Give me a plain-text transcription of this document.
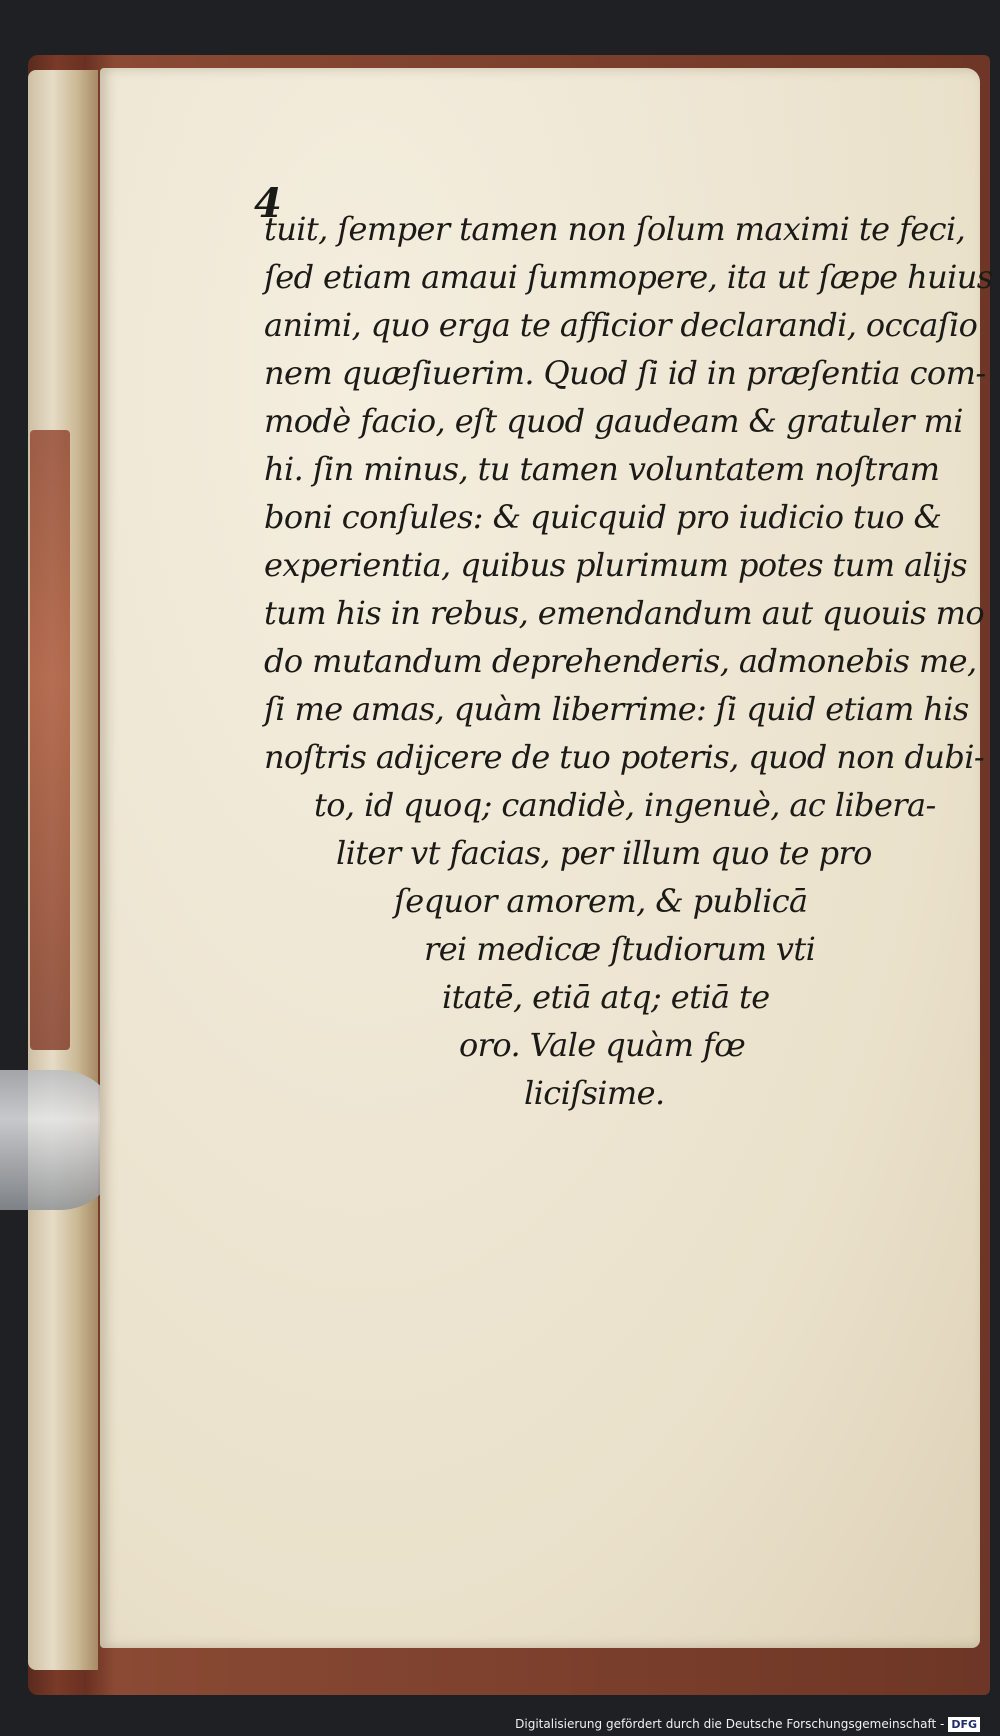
4
tuit, ſemper tamen non ſolum maximi te feci,
ſed etiam amaui ſummopere, ita ut ſæpe huius
animi, quo erga te afficior declarandi, occaſio
nem quæſiuerim. Quod ſi id in præſentia com-
modè facio, eſt quod gaudeam & gratuler mi
hi. ſin minus, tu tamen voluntatem noſtram
boni conſules: & quicquid pro iudicio tuo &
experientia, quibus plurimum potes tum aliјs
tum his in rebus, emendandum aut quouis mo
do mutandum deprehenderis, admonebis me,
ſi me amas, quàm liberrime: ſi quid etiam his
noſtris adijcere de tuo poteris, quod non dubi-
to, id quoq; candidè, ingenuè, ac libera-
liter vt facias, per illum quo te pro
ſequor amorem, & publicā
rei medicæ ſtudiorum vti
itatē, etiā atq; etiā te
oro. Vale quàm fœ
liciſsime.
Digitalisierung gefördert durch die Deutsche Forschungsgemeinschaft - DFG
